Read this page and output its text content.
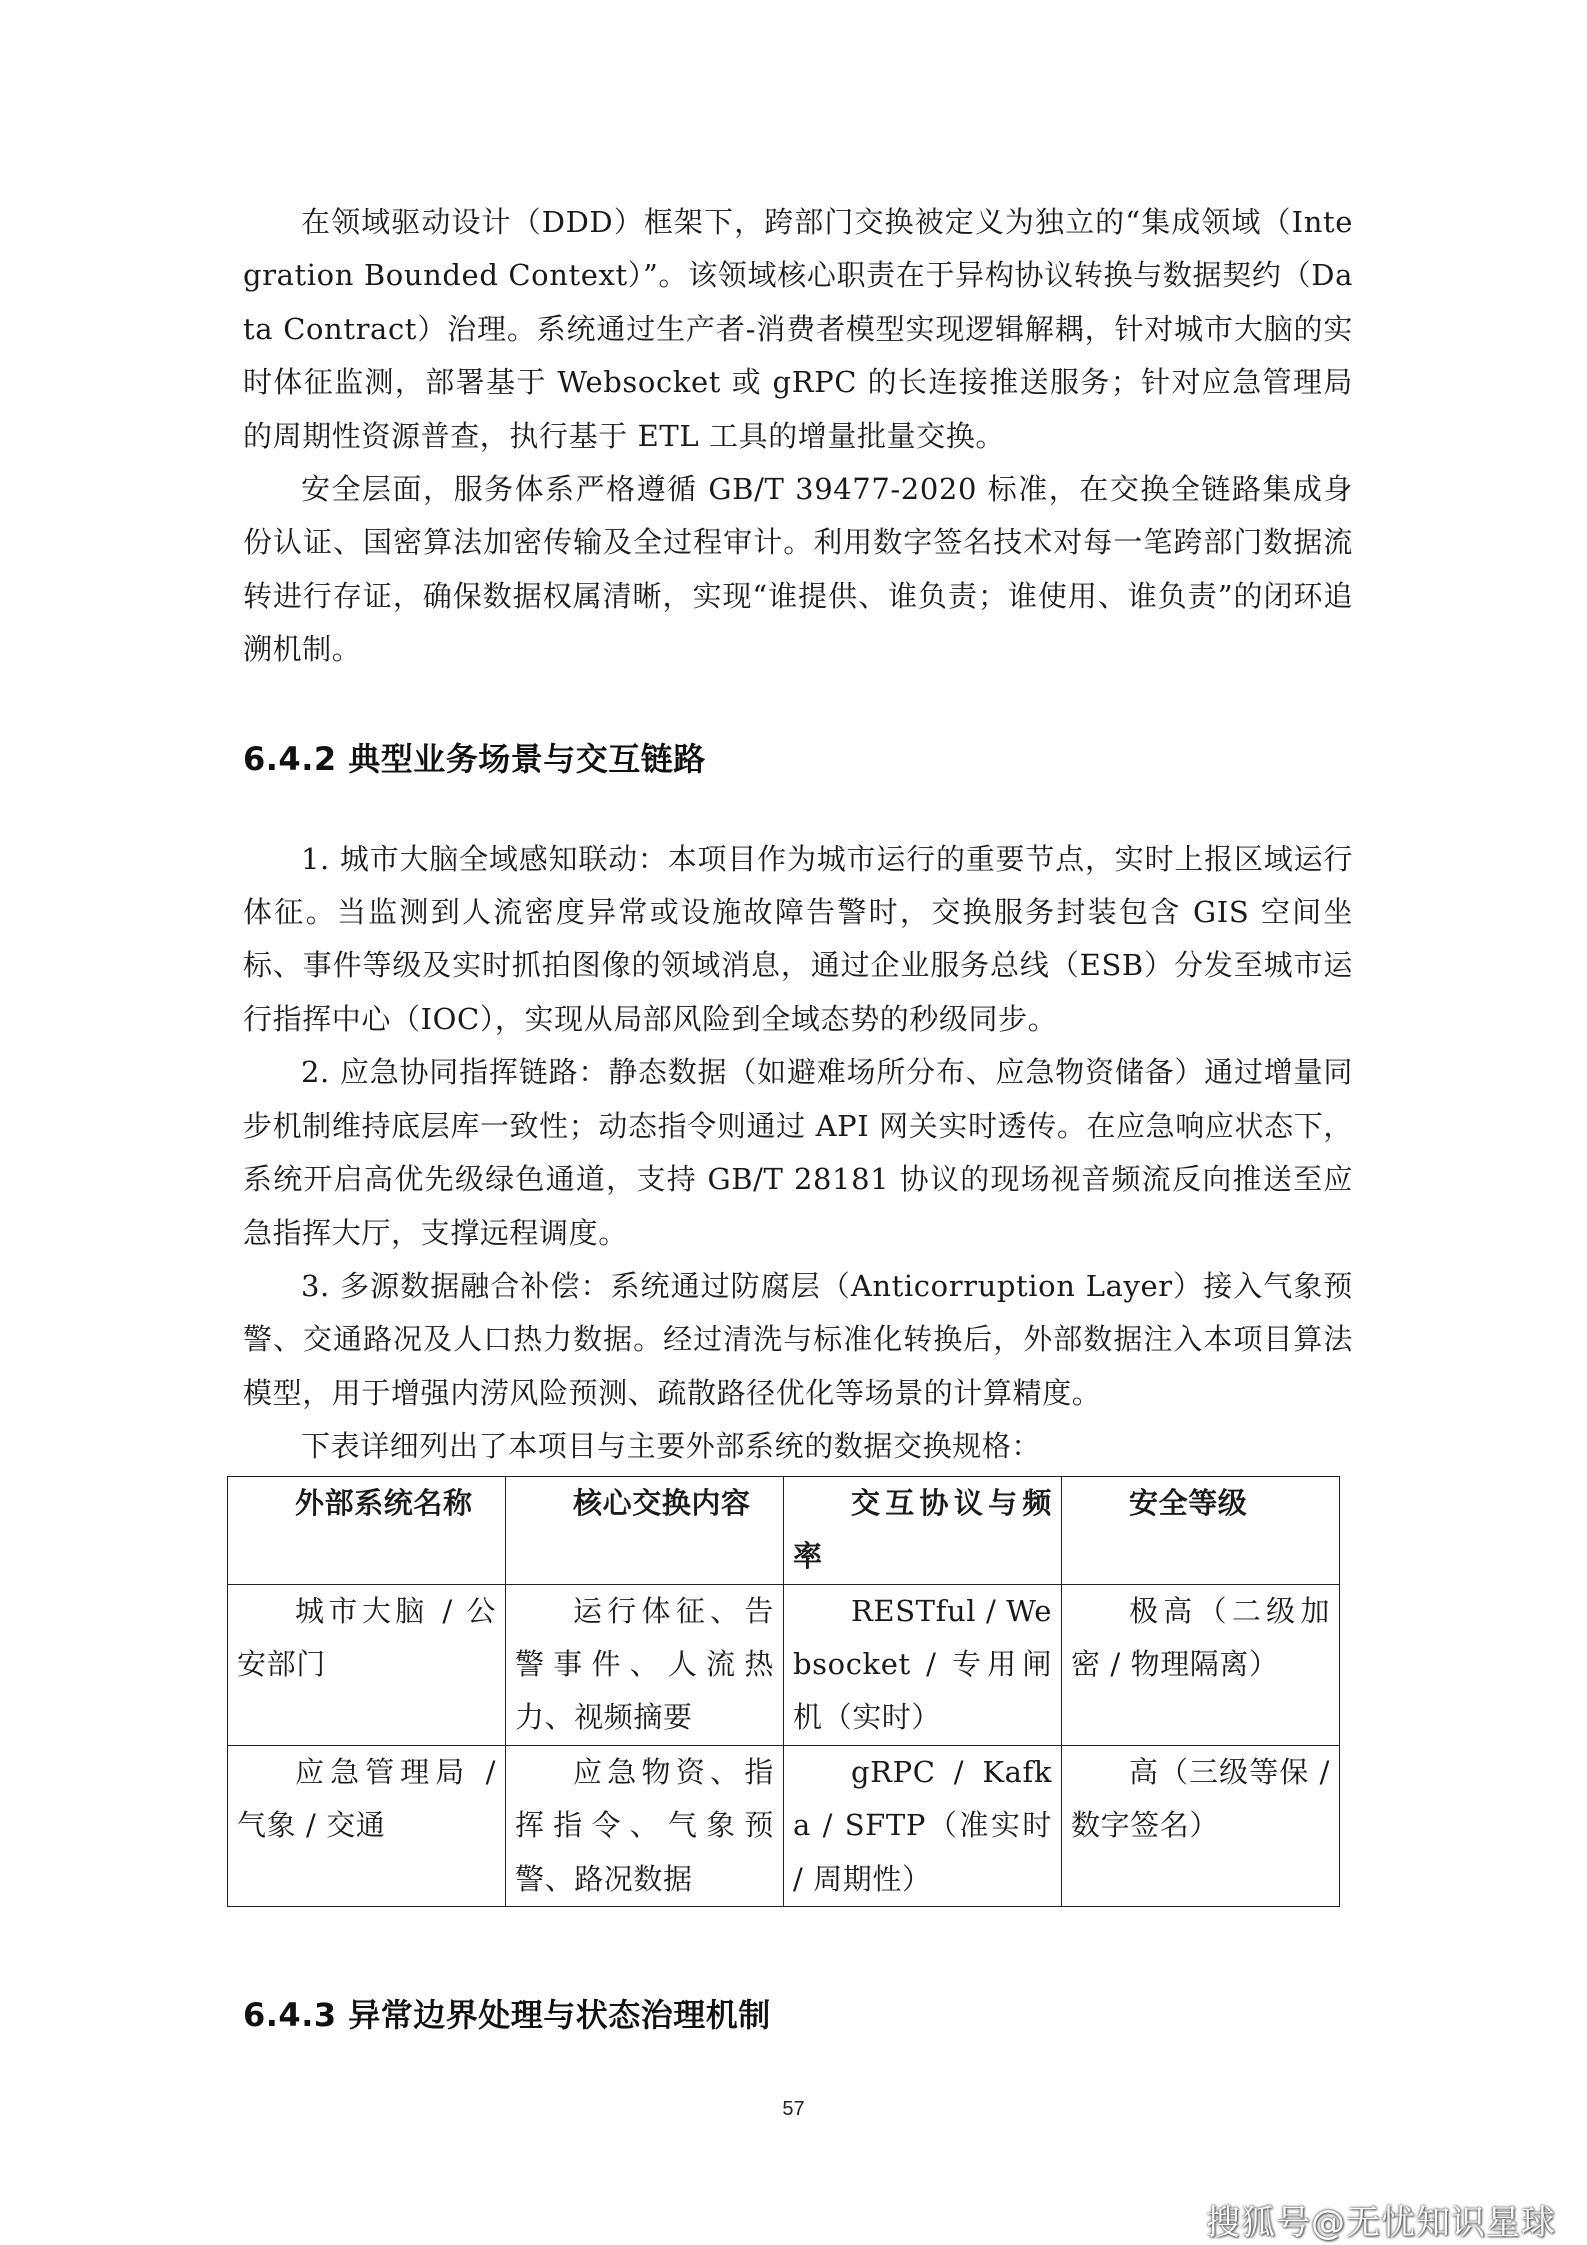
在领域驱动设计（DDD）框架下，跨部门交换被定义为独立的“集成领域（Integration Bounded Context）”。该领域核心职责在于异构协议转换与数据契约（Data Contract）治理。系统通过生产者-消费者模型实现逻辑解耦，针对城市大脑的实时体征监测，部署基于 Websocket 或 gRPC 的长连接推送服务；针对应急管理局的周期性资源普查，执行基于 ETL 工具的增量批量交换。

安全层面，服务体系严格遵循 GB/T 39477-2020 标准，在交换全链路集成身份认证、国密算法加密传输及全过程审计。利用数字签名技术对每一笔跨部门数据流转进行存证，确保数据权属清晰，实现“谁提供、谁负责；谁使用、谁负责”的闭环追溯机制。

6.4.2 典型业务场景与交互链路

1. 城市大脑全域感知联动：本项目作为城市运行的重要节点，实时上报区域运行体征。当监测到人流密度异常或设施故障告警时，交换服务封装包含 GIS 空间坐标、事件等级及实时抓拍图像的领域消息，通过企业服务总线（ESB）分发至城市运行指挥中心（IOC），实现从局部风险到全域态势的秒级同步。

2. 应急协同指挥链路：静态数据（如避难场所分布、应急物资储备）通过增量同步机制维持底层库一致性；动态指令则通过 API 网关实时透传。在应急响应状态下，系统开启高优先级绿色通道，支持 GB/T 28181 协议的现场视音频流反向推送至应急指挥大厅，支撑远程调度。

3. 多源数据融合补偿：系统通过防腐层（Anticorruption Layer）接入气象预警、交通路况及人口热力数据。经过清洗与标准化转换后，外部数据注入本项目算法模型，用于增强内涝风险预测、疏散路径优化等场景的计算精度。

下表详细列出了本项目与主要外部系统的数据交换规格：

外部系统名称	核心交换内容	交互协议与频率	安全等级
城市大脑 / 公安部门	运行体征、告警事件、人流热力、视频摘要	RESTful / Websocket / 专用闸机（实时）	极高（二级加密 / 物理隔离）
应急管理局 / 气象 / 交通	应急物资、指挥指令、气象预警、路况数据	gRPC / Kafka / SFTP（准实时 / 周期性）	高（三级等保 / 数字签名）
6.4.3 异常边界处理与状态治理机制
57
搜狐号@无忧知识星球
